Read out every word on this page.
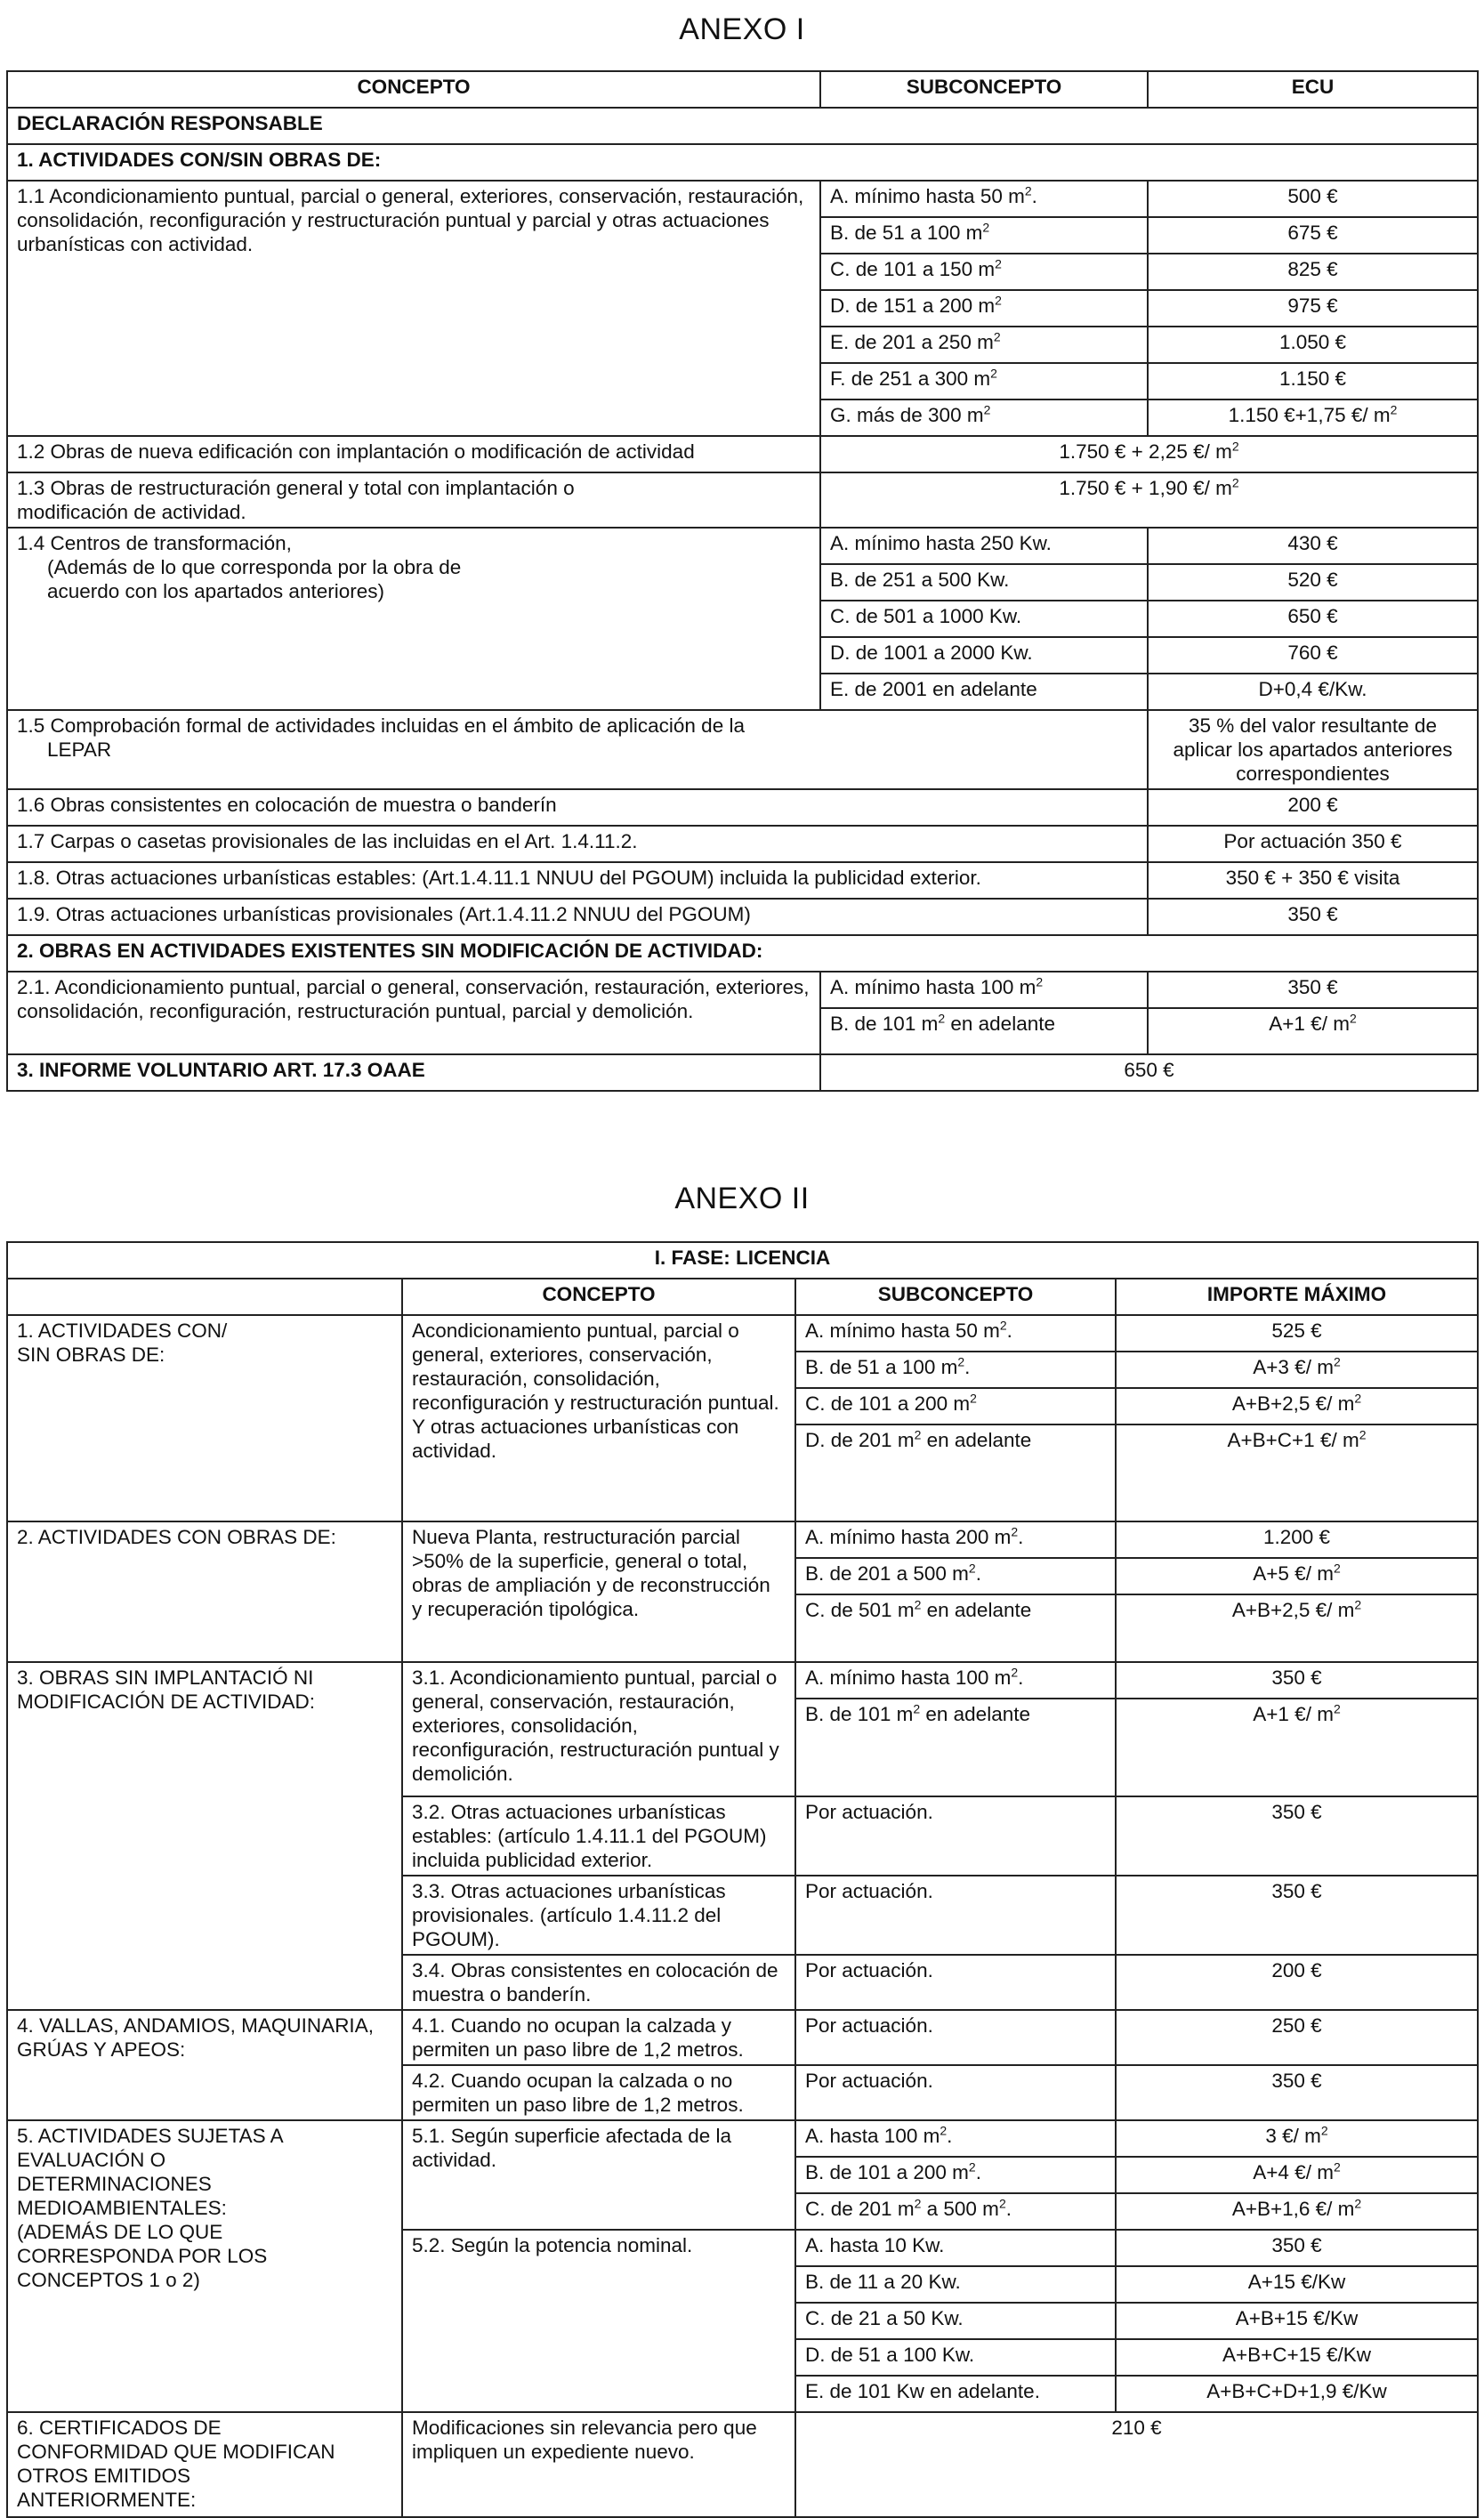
ANEXO I
CONCEPTO	SUBCONCEPTO	ECU
DECLARACIÓN RESPONSABLE		
1. ACTIVIDADES CON/SIN OBRAS DE:		
1.1 Acondicionamiento puntual, parcial o general, exteriores, conservación, restauración, consolidación, reconfiguración y restructuración puntual y parcial y otras actuaciones urbanísticas con actividad.	A. mínimo hasta 50 $m^2$.	500 €
	B. de 51 a 100 $m^2$	675 €
	C. de 101 a 150 $m^2$	825 €
	D. de 151 a 200 $m^2$	975 €
	E. de 201 a 250 $m^2$	1.050 €
	F. de 251 a 300 $m^2$	1.150 €
	G. más de 300 $m^2$	1.150 €+1,75 €/ $m^2$
1.2 Obras de nueva edificación con implantación o modificación de actividad	1.750 € + 2,25 €/ $m^2$
1.3 Obras de restructuración general y total con implantación o modificación de actividad.	1.750 € + 1,90 €/ $m^2$

1.4 Centros de transformación,
(Además de lo que corresponda por la obra de acuerdo con los apartados anteriores)	A. mínimo hasta 250 Kw.	430 €
	B. de 251 a 500 Kw.	520 €
	C. de 501 a 1000 Kw.	650 €
	D. de 1001 a 2000 Kw.	760 €
	E. de 2001 en adelante	D+0,4 €/Kw.

1.5 Comprobación formal de actividades incluidas en el ámbito de aplicación de la
LEPAR		35 % del valor resultante de aplicar los apartados anteriores correspondientes
1.6 Obras consistentes en colocación de muestra o banderín		200 €
1.7 Carpas o casetas provisionales de las incluidas en el Art. 1.4.11.2.		Por actuación 350 €
1.8. Otras actuaciones urbanísticas estables: (Art.1.4.11.1 NNUU del PGOUM) incluida la publicidad exterior.		350 € + 350 € visita
1.9. Otras actuaciones urbanísticas provisionales (Art.1.4.11.2 NNUU del PGOUM)		350 €
2. OBRAS EN ACTIVIDADES EXISTENTES SIN MODIFICACIÓN DE ACTIVIDAD:		
2.1. Acondicionamiento puntual, parcial o general, conservación, restauración, exteriores, consolidación, reconfiguración, restructuración puntual, parcial y demolición.	A. mínimo hasta 100 $m^2$	350 €
	B. de 101 $m^2$ en adelante	A+1 €/ $m^2$
3. INFORME VOLUNTARIO ART. 17.3 OAAE	650 €	
ANEXO II
I. FASE: LICENCIA			
	CONCEPTO	SUBCONCEPTO	IMPORTE MÁXIMO
1. ACTIVIDADES CON/ SIN OBRAS DE:	Acondicionamiento puntual, parcial o general, exteriores, conservación, restauración, consolidación, reconfiguración y restructuración puntual. Y otras actuaciones urbanísticas con actividad.	A. mínimo hasta 50 $m^2$.	525 €
		B. de 51 a 100 $m^2$.	A+3 €/ $m^2$
		C. de 101 a 200 $m^2$	A+B+2,5 €/ $m^2$
		D. de 201 $m^2$ en adelante	A+B+C+1 €/ $m^2$
2. ACTIVIDADES CON OBRAS DE:	Nueva Planta, restructuración parcial >50% de la superficie, general o total, obras de ampliación y de reconstrucción y recuperación tipológica.	A. mínimo hasta 200 $m^2$.	1.200 €
		B. de 201 a 500 $m^2$.	A+5 €/ $m^2$
		C. de 501 $m^2$ en adelante	A+B+2,5 €/ $m^2$
3. OBRAS SIN IMPLANTACIÓ NI MODIFICACIÓN DE ACTIVIDAD:	3.1. Acondicionamiento puntual, parcial o general, conservación, restauración, exteriores, consolidación, reconfiguración, restructuración puntual y demolición.	A. mínimo hasta 100 $m^2$.	350 €
		B. de 101 $m^2$ en adelante	A+1 €/ $m^2$
	3.2. Otras actuaciones urbanísticas estables: (artículo 1.4.11.1 del PGOUM) incluida publicidad exterior.	Por actuación.	350 €
	3.3. Otras actuaciones urbanísticas provisionales. (artículo 1.4.11.2 del PGOUM).	Por actuación.	350 €
	3.4. Obras consistentes en colocación de muestra o banderín.	Por actuación.	200 €
4. VALLAS, ANDAMIOS, MAQUINARIA, GRÚAS Y APEOS:	4.1. Cuando no ocupan la calzada y permiten un paso libre de 1,2 metros.	Por actuación.	250 €
	4.2. Cuando ocupan la calzada o no permiten un paso libre de 1,2 metros.	Por actuación.	350 €
5. ACTIVIDADES SUJETAS A EVALUACIÓN O DETERMINACIONES MEDIOAMBIENTALES: (ADEMÁS DE LO QUE CORRESPONDA POR LOS CONCEPTOS 1 o 2)	5.1. Según superficie afectada de la actividad.	A. hasta 100 $m^2$.	3 €/ $m^2$
		B. de 101 a 200 $m^2$.	A+4 €/ $m^2$
		C. de 201 $m^2$ a 500 $m^2$.	A+B+1,6 €/ $m^2$
	5.2. Según la potencia nominal.	A. hasta 10 Kw.	350 €
		B. de 11 a 20 Kw.	A+15 €/Kw
		C. de 21 a 50 Kw.	A+B+15 €/Kw
		D. de 51 a 100 Kw.	A+B+C+15 €/Kw
		E. de 101 Kw en adelante.	A+B+C+D+1,9 €/Kw
6. CERTIFICADOS DE CONFORMIDAD QUE MODIFICAN OTROS EMITIDOS ANTERIORMENTE:	Modificaciones sin relevancia pero que impliquen un expediente nuevo.	210 €	
